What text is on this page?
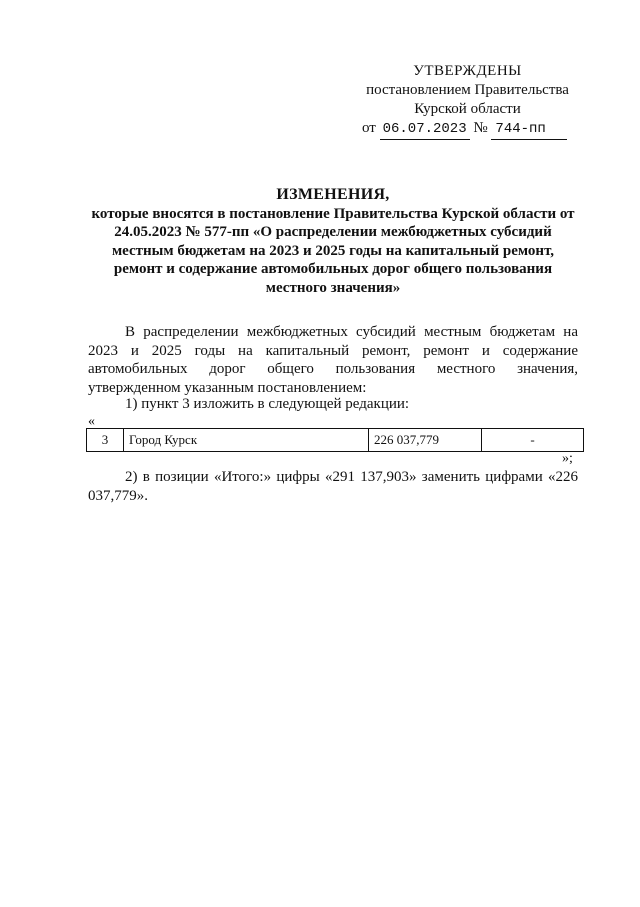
УТВЕРЖДЕНЫ
постановлением Правительства
Курской области
от 06.07.2023 № 744-пп
ИЗМЕНЕНИЯ,
которые вносятся в постановление Правительства Курской области от 24.05.2023 № 577-пп «О распределении межбюджетных субсидий местным бюджетам на 2023 и 2025 годы на капитальный ремонт, ремонт и содержание автомобильных дорог общего пользования местного значения»
В распределении межбюджетных субсидий местным бюджетам на 2023 и 2025 годы на капитальный ремонт, ремонт и содержание автомобильных дорог общего пользования местного значения, утвержденном указанным постановлением:
1) пункт 3 изложить в следующей редакции:
«
3	Город Курск	226 037,779	-
»;
2) в позиции «Итого:» цифры «291 137,903» заменить цифрами «226 037,779».
